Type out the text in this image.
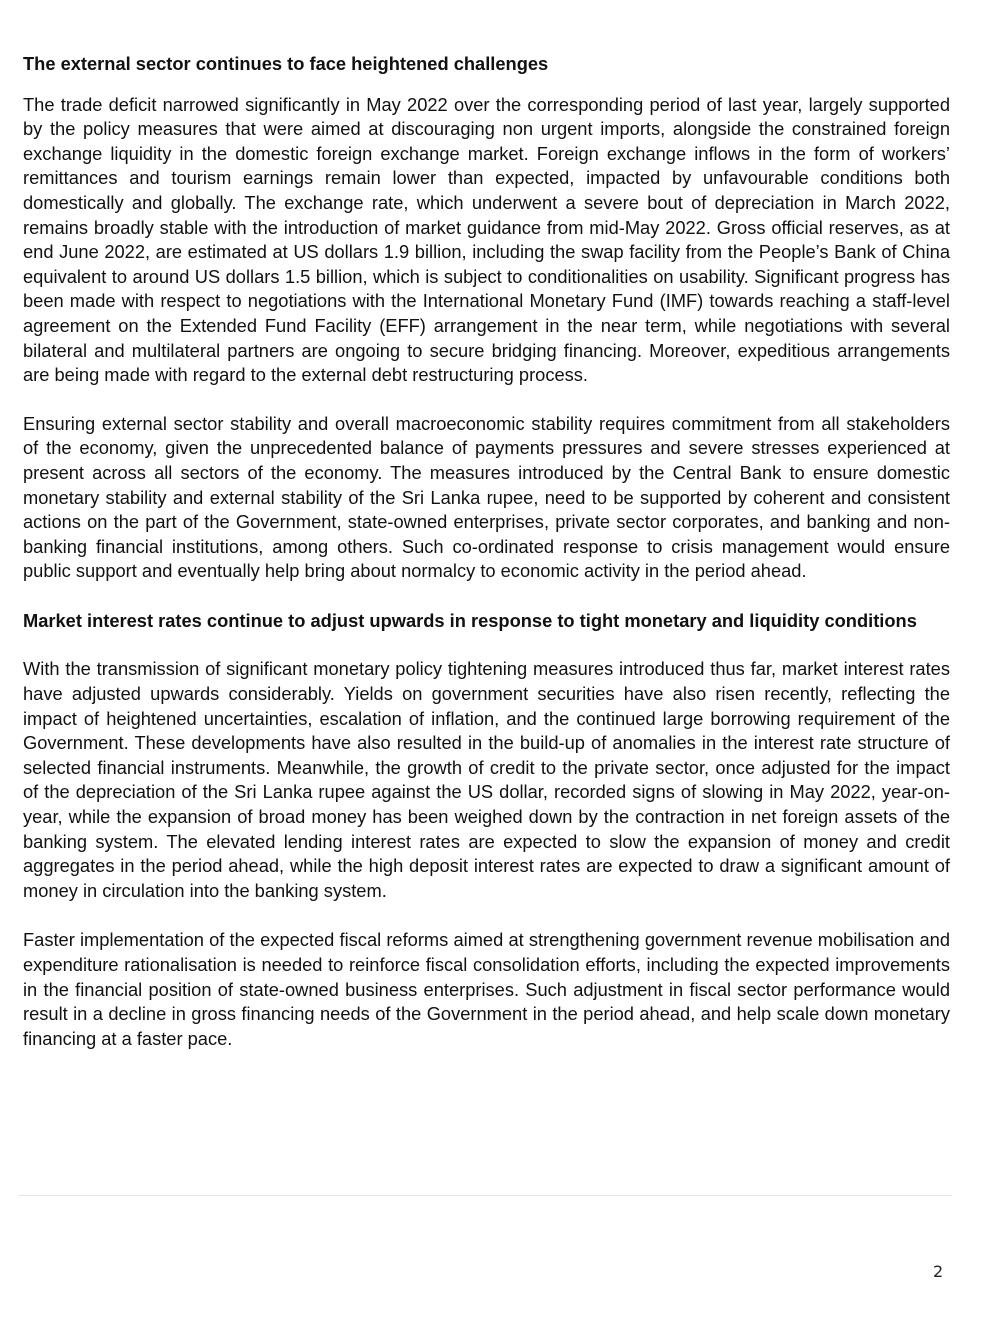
The external sector continues to face heightened challenges

The trade deficit narrowed significantly in May 2022 over the corresponding period of last year, largely supported by the policy measures that were aimed at discouraging non urgent imports, alongside the constrained foreign exchange liquidity in the domestic foreign exchange market. Foreign exchange inflows in the form of workers’ remittances and tourism earnings remain lower than expected, impacted by unfavourable conditions both domestically and globally. The exchange rate, which underwent a severe bout of depreciation in March 2022, remains broadly stable with the introduction of market guidance from mid-May 2022. Gross official reserves, as at end June 2022, are estimated at US dollars 1.9 billion, including the swap facility from the People’s Bank of China equivalent to around US dollars 1.5 billion, which is subject to conditionalities on usability. Significant progress has been made with respect to negotiations with the International Monetary Fund (IMF) towards reaching a staff-level agreement on the Extended Fund Facility (EFF) arrangement in the near term, while negotiations with several bilateral and multilateral partners are ongoing to secure bridging financing. Moreover, expeditious arrangements are being made with regard to the external debt restructuring process.

Ensuring external sector stability and overall macroeconomic stability requires commitment from all stakeholders of the economy, given the unprecedented balance of payments pressures and severe stresses experienced at present across all sectors of the economy. The measures introduced by the Central Bank to ensure domestic monetary stability and external stability of the Sri Lanka rupee, need to be supported by coherent and consistent actions on the part of the Government, state-owned enterprises, private sector corporates, and banking and non-banking financial institutions, among others. Such co-ordinated response to crisis management would ensure public support and eventually help bring about normalcy to economic activity in the period ahead.

Market interest rates continue to adjust upwards in response to tight monetary and liquidity conditions

With the transmission of significant monetary policy tightening measures introduced thus far, market interest rates have adjusted upwards considerably. Yields on government securities have also risen recently, reflecting the impact of heightened uncertainties, escalation of inflation, and the continued large borrowing requirement of the Government. These developments have also resulted in the build-up of anomalies in the interest rate structure of selected financial instruments. Meanwhile, the growth of credit to the private sector, once adjusted for the impact of the depreciation of the Sri Lanka rupee against the US dollar, recorded signs of slowing in May 2022, year-on-year, while the expansion of broad money has been weighed down by the contraction in net foreign assets of the banking system. The elevated lending interest rates are expected to slow the expansion of money and credit aggregates in the period ahead, while the high deposit interest rates are expected to draw a significant amount of money in circulation into the banking system.

Faster implementation of the expected fiscal reforms aimed at strengthening government revenue mobilisation and expenditure rationalisation is needed to reinforce fiscal consolidation efforts, including the expected improvements in the financial position of state-owned business enterprises. Such adjustment in fiscal sector performance would result in a decline in gross financing needs of the Government in the period ahead, and help scale down monetary financing at a faster pace.

2
